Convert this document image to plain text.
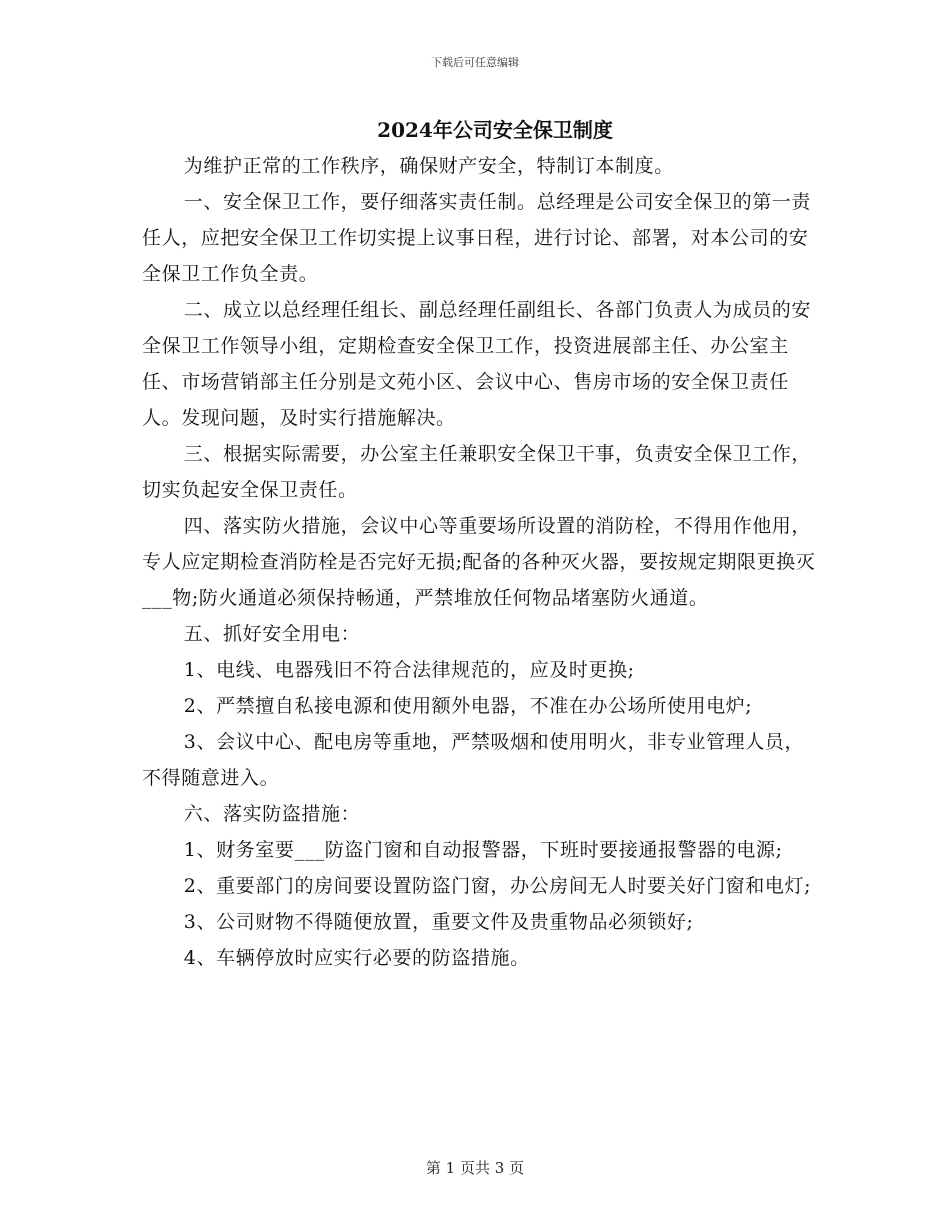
下载后可任意编辑
2024年公司安全保卫制度

为维护正常的工作秩序，确保财产安全，特制订本制度。

一、安全保卫工作，要仔细落实责任制。总经理是公司安全保卫的第一责任人，应把安全保卫工作切实提上议事日程，进行讨论、部署，对本公司的安全保卫工作负全责。

二、成立以总经理任组长、副总经理任副组长、各部门负责人为成员的安全保卫工作领导小组，定期检查安全保卫工作，投资进展部主任、办公室主任、市场营销部主任分别是文苑小区、会议中心、售房市场的安全保卫责任人。发现问题，及时实行措施解决。

三、根据实际需要，办公室主任兼职安全保卫干事，负责安全保卫工作，切实负起安全保卫责任。

四、落实防火措施，会议中心等重要场所设置的消防栓，不得用作他用，专人应定期检查消防栓是否完好无损;配备的各种灭火器，要按规定期限更换灭___物;防火通道必须保持畅通，严禁堆放任何物品堵塞防火通道。

五、抓好安全用电：

1、电线、电器残旧不符合法律规范的，应及时更换;

2、严禁擅自私接电源和使用额外电器，不准在办公场所使用电炉;

3、会议中心、配电房等重地，严禁吸烟和使用明火，非专业管理人员，不得随意进入。

六、落实防盗措施：

1、财务室要___防盗门窗和自动报警器，下班时要接通报警器的电源;

2、重要部门的房间要设置防盗门窗，办公房间无人时要关好门窗和电灯;

3、公司财物不得随便放置，重要文件及贵重物品必须锁好;

4、车辆停放时应实行必要的防盗措施。

第 1 页共 3 页
